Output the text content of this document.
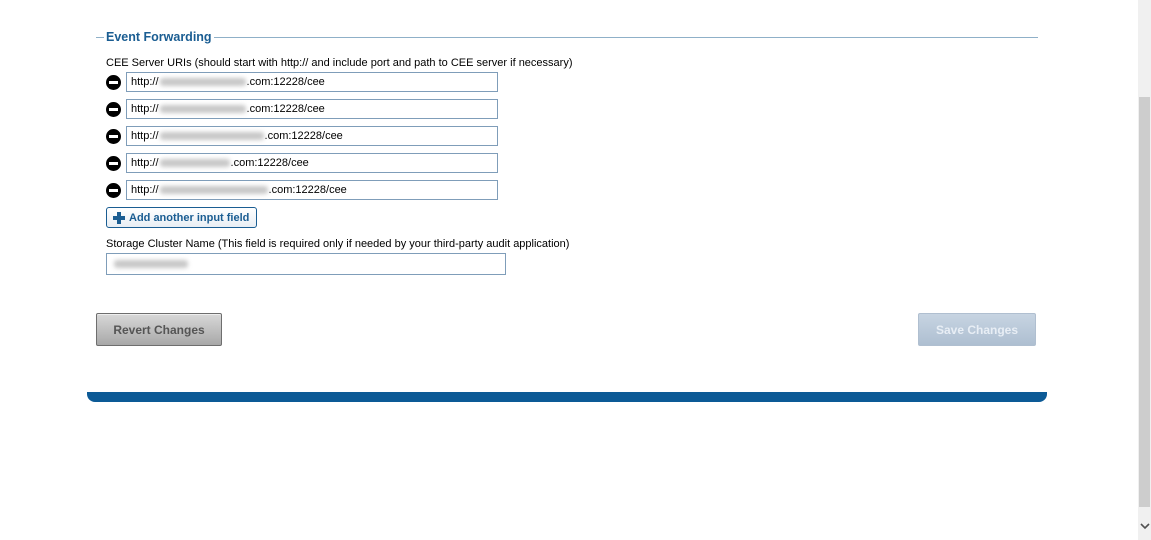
Event Forwarding
CEE Server URIs (should start with http:// and include port and path to CEE server if necessary)
http://	.com:12228/cee
http://	.com:12228/cee
http://	.com:12228/cee
http://	.com:12228/cee
http://	.com:12228/cee
Add another input field
Storage Cluster Name (This field is required only if needed by your third-party audit application)
Revert Changes	Save Changes
